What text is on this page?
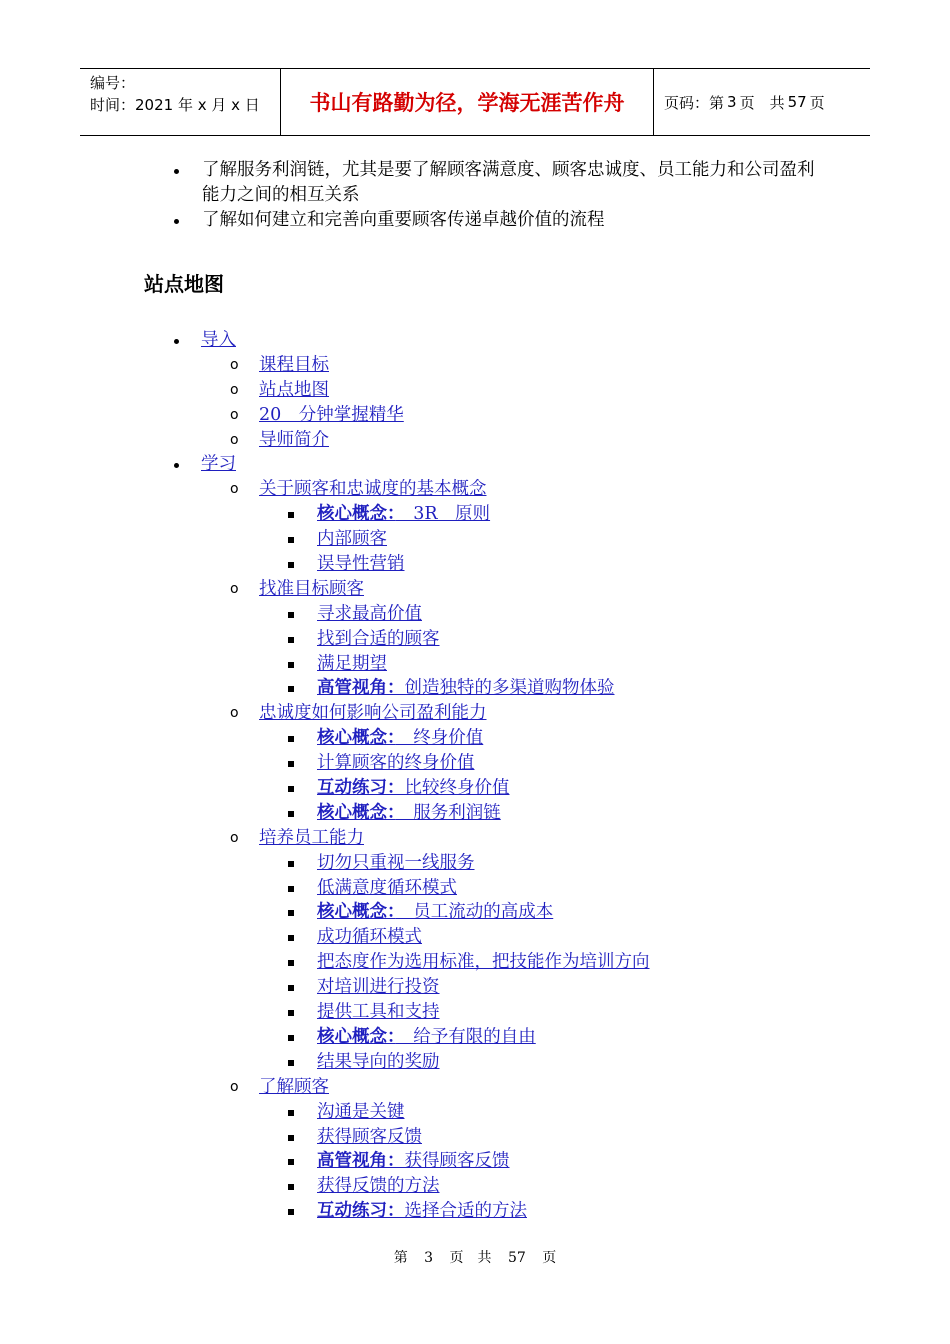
编号：
时间：2021 年 x 月 x 日	书山有路勤为径，学海无涯苦作舟	页码：第 3 页　共 57 页
了解服务利润链，尤其是要了解顾客满意度、顾客忠诚度、员工能力和公司盈利能力之间的相互关系
了解如何建立和完善向重要顾客传递卓越价值的流程
站点地图
导入
o 课程目标
o 站点地图
o 20　分钟掌握精华
o 导师简介
学习
o 关于顾客和忠诚度的基本概念
核心概念：　3R　原则
内部顾客
误导性营销
o 找准目标顾客
寻求最高价值
找到合适的顾客
满足期望
高管视角：创造独特的多渠道购物体验
o 忠诚度如何影响公司盈利能力
核心概念：　终身价值
计算顾客的终身价值
互动练习：比较终身价值
核心概念：　服务利润链
o 培养员工能力
切勿只重视一线服务
低满意度循环模式
核心概念：　员工流动的高成本
成功循环模式
把态度作为选用标准，把技能作为培训方向
对培训进行投资
提供工具和支持
核心概念：　给予有限的自由
结果导向的奖励
o 了解顾客
沟通是关键
获得顾客反馈
高管视角：获得顾客反馈
获得反馈的方法
互动练习：选择合适的方法
第 3 页　共 57 页
